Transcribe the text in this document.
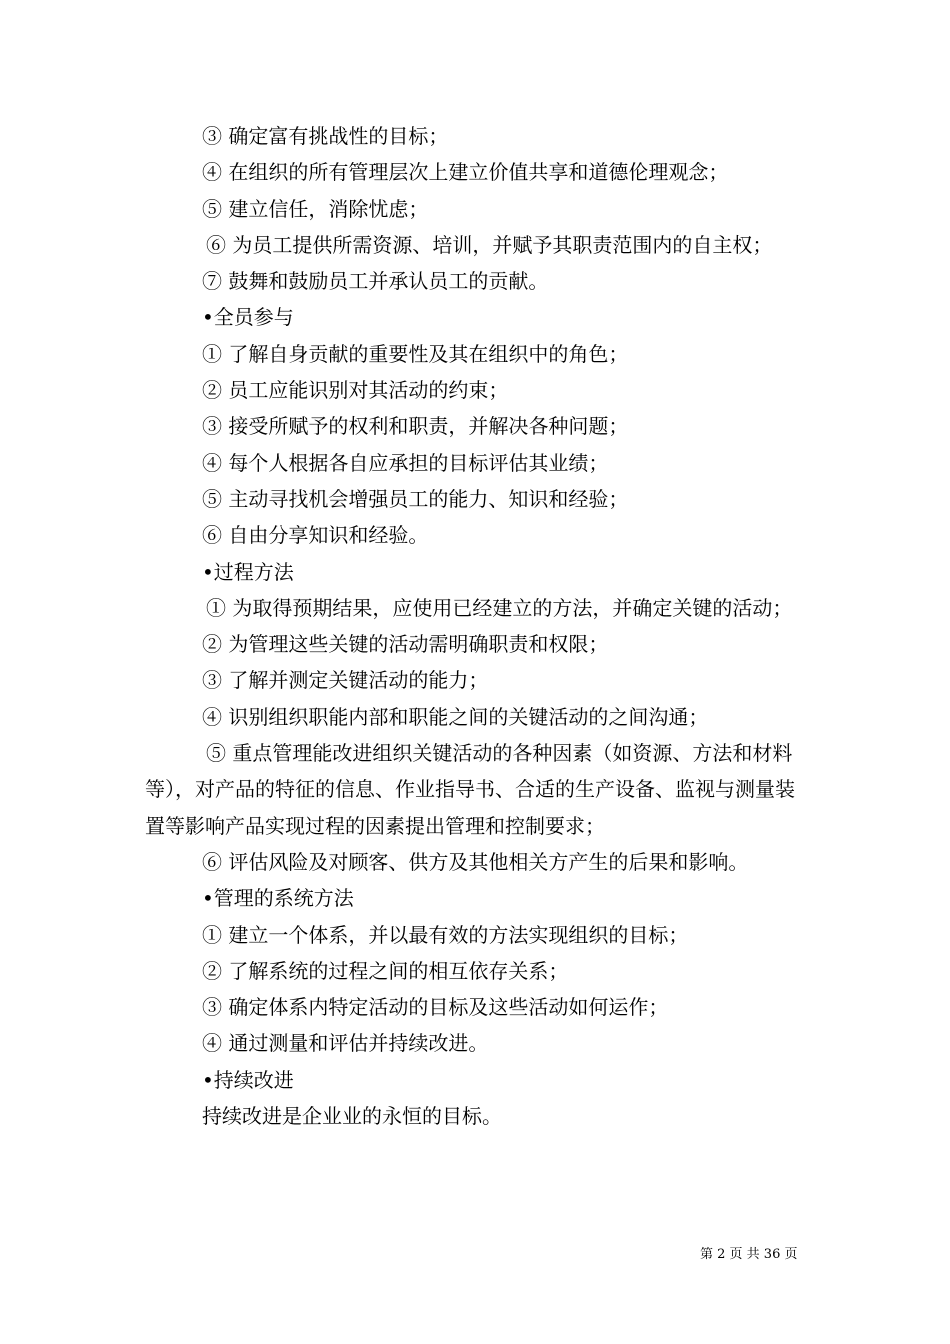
③ 确定富有挑战性的目标；

④ 在组织的所有管理层次上建立价值共享和道德伦理观念；

⑤ 建立信任，消除忧虑；

⑥ 为员工提供所需资源、培训，并赋予其职责范围内的自主权；

⑦ 鼓舞和鼓励员工并承认员工的贡献。

•全员参与

① 了解自身贡献的重要性及其在组织中的角色；

② 员工应能识别对其活动的约束；

③ 接受所赋予的权利和职责，并解决各种问题；

④ 每个人根据各自应承担的目标评估其业绩；

⑤ 主动寻找机会增强员工的能力、知识和经验；

⑥ 自由分享知识和经验。

•过程方法

① 为取得预期结果，应使用已经建立的方法，并确定关键的活动；

② 为管理这些关键的活动需明确职责和权限；

③ 了解并测定关键活动的能力；

④ 识别组织职能内部和职能之间的关键活动的之间沟通；

⑤ 重点管理能改进组织关键活动的各种因素（如资源、方法和材料等），对产品的特征的信息、作业指导书、合适的生产设备、监视与测量装置等影响产品实现过程的因素提出管理和控制要求；

⑥ 评估风险及对顾客、供方及其他相关方产生的后果和影响。

•管理的系统方法

① 建立一个体系，并以最有效的方法实现组织的目标；

② 了解系统的过程之间的相互依存关系；

③ 确定体系内特定活动的目标及这些活动如何运作；

④ 通过测量和评估并持续改进。

•持续改进

持续改进是企业业的永恒的目标。

第 2 页 共 36 页
